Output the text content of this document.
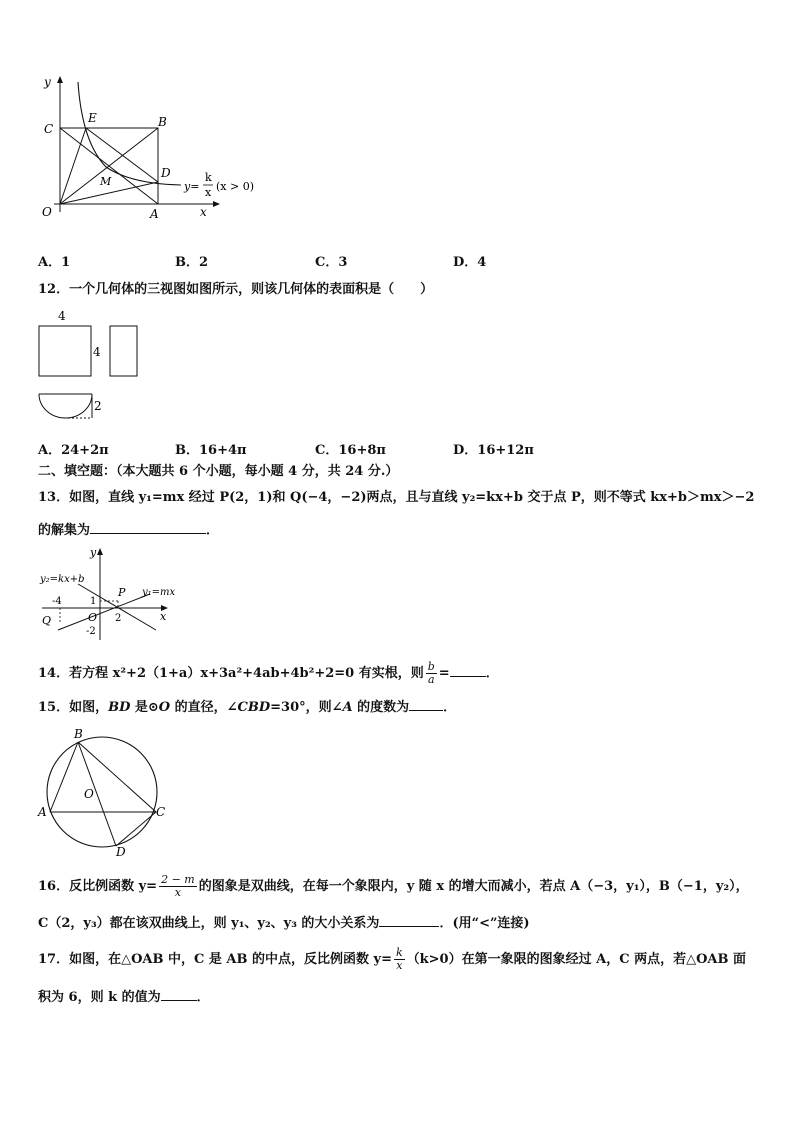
y
x
O
C
E	B
D
M
A
y=
k
x (x > 0)
A．1	B．2	C．3	D．4
12．一个几何体的三视图如图所示，则该几何体的表面积是（　　）
4
4
2
A．24+2π	B．16+4π	C．16+8π	D．16+12π
二、填空题：（本大题共 6 个小题，每小题 4 分，共 24 分.）
13．如图，直线 y₁=mx 经过 P(2，1)和 Q(−4，−2)两点，且与直线 y₂=kx+b 交于点 P，则不等式 kx+b＞mx＞−2
的解集为	．
y
x
y₂=kx+b
y₁=mx
P
Q	O
-4	1
2
-2
14．若方程 x²+2（1+a）x+3a²+4ab+4b²+2=0 有实根，则 $\frac{b}{a}$ =	．
15．如图，BD 是⊙O 的直径，∠CBD=30°，则∠A 的度数为	．
B
A
O
C
D
16．反比例函数 $y= \frac{2 - m}{x}$ 的图象是双曲线，在每一个象限内，y 随 x 的增大而减小，若点 A（−3，y₁），B（−1，y₂），
C（2，y₃）都在该双曲线上，则 y₁、y₂、y₃ 的大小关系为	．(用“<”连接)
17．如图，在△OAB 中，C 是 AB 的中点，反比例函数 $y= \frac{k}{x} (k>0)$在第一象限的图象经过 A，C 两点，若△OAB 面
积为 6，则 k 的值为	．
